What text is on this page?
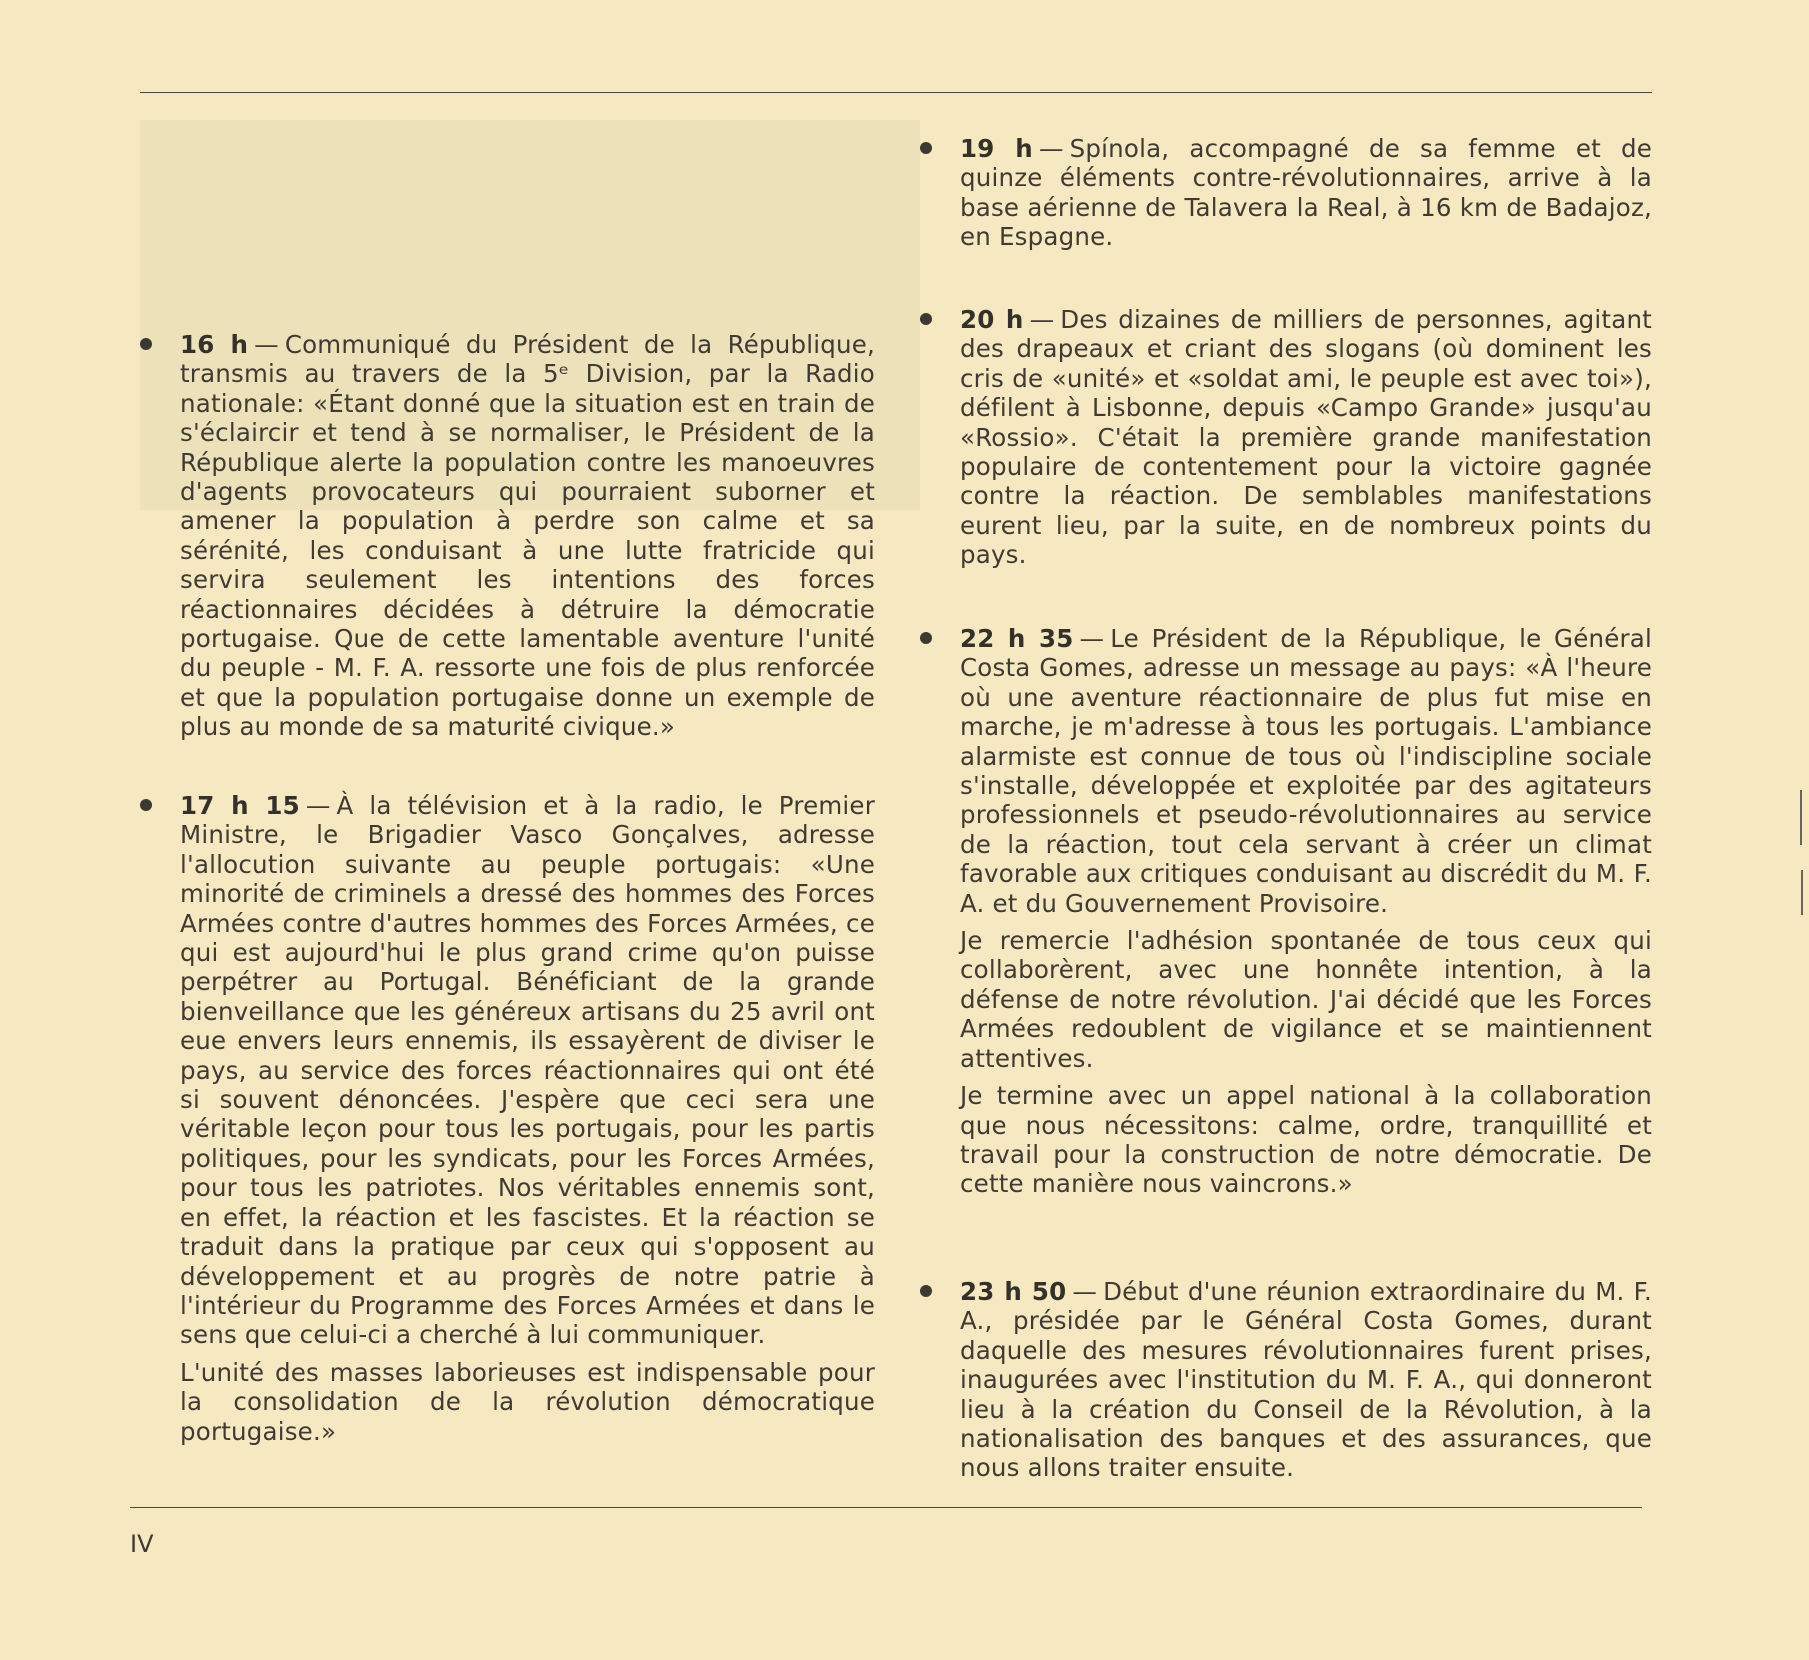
16 h — Communiqué du Président de la République, transmis au travers de la 5ᵉ Division, par la Radio nationale: «Étant donné que la situation est en train de s'éclaircir et tend à se normaliser, le Président de la République alerte la population contre les manoeuvres d'agents provocateurs qui pourraient suborner et amener la population à perdre son calme et sa sérénité, les conduisant à une lutte fratricide qui servira seulement les intentions des forces réactionnaires décidées à détruire la démocratie portugaise. Que de cette lamentable aventure l'unité du peuple - M. F. A. ressorte une fois de plus renforcée et que la population portugaise donne un exemple de plus au monde de sa maturité civique.»

17 h 15 — À la télévision et à la radio, le Premier Ministre, le Brigadier Vasco Gonçalves, adresse l'allocution suivante au peuple portugais: «Une minorité de criminels a dressé des hommes des Forces Armées contre d'autres hommes des Forces Armées, ce qui est aujourd'hui le plus grand crime qu'on puisse perpétrer au Portugal. Bénéficiant de la grande bienveillance que les généreux artisans du 25 avril ont eue envers leurs ennemis, ils essayèrent de diviser le pays, au service des forces réactionnaires qui ont été si souvent dénoncées. J'espère que ceci sera une véritable leçon pour tous les portugais, pour les partis politiques, pour les syndicats, pour les Forces Armées, pour tous les patriotes. Nos véritables ennemis sont, en effet, la réaction et les fascistes. Et la réaction se traduit dans la pratique par ceux qui s'opposent au développement et au progrès de notre patrie à l'intérieur du Programme des Forces Armées et dans le sens que celui-ci a cherché à lui communiquer.

L'unité des masses laborieuses est indispensable pour la consolidation de la révolution démocratique portugaise.»

19 h — Spínola, accompagné de sa femme et de quinze éléments contre-révolutionnaires, arrive à la base aérienne de Talavera la Real, à 16 km de Badajoz, en Espagne.

20 h — Des dizaines de milliers de personnes, agitant des drapeaux et criant des slogans (où dominent les cris de «unité» et «soldat ami, le peuple est avec toi»), défilent à Lisbonne, depuis «Campo Grande» jusqu'au «Rossio». C'était la première grande manifestation populaire de contentement pour la victoire gagnée contre la réaction. De semblables manifestations eurent lieu, par la suite, en de nombreux points du pays.

22 h 35 — Le Président de la République, le Général Costa Gomes, adresse un message au pays: «À l'heure où une aventure réactionnaire de plus fut mise en marche, je m'adresse à tous les portugais. L'ambiance alarmiste est connue de tous où l'indiscipline sociale s'installe, développée et exploitée par des agitateurs professionnels et pseudo-révolutionnaires au service de la réaction, tout cela servant à créer un climat favorable aux critiques conduisant au discrédit du M. F. A. et du Gouvernement Provisoire.

Je remercie l'adhésion spontanée de tous ceux qui collaborèrent, avec une honnête intention, à la défense de notre révolution. J'ai décidé que les Forces Armées redoublent de vigilance et se maintiennent attentives.

Je termine avec un appel national à la collaboration que nous nécessitons: calme, ordre, tranquillité et travail pour la construction de notre démocratie. De cette manière nous vaincrons.»

23 h 50 — Début d'une réunion extraordinaire du M. F. A., présidée par le Général Costa Gomes, durant daquelle des mesures révolutionnaires furent prises, inaugurées avec l'institution du M. F. A., qui donneront lieu à la création du Conseil de la Révolution, à la nationalisation des banques et des assurances, que nous allons traiter ensuite.

IV
